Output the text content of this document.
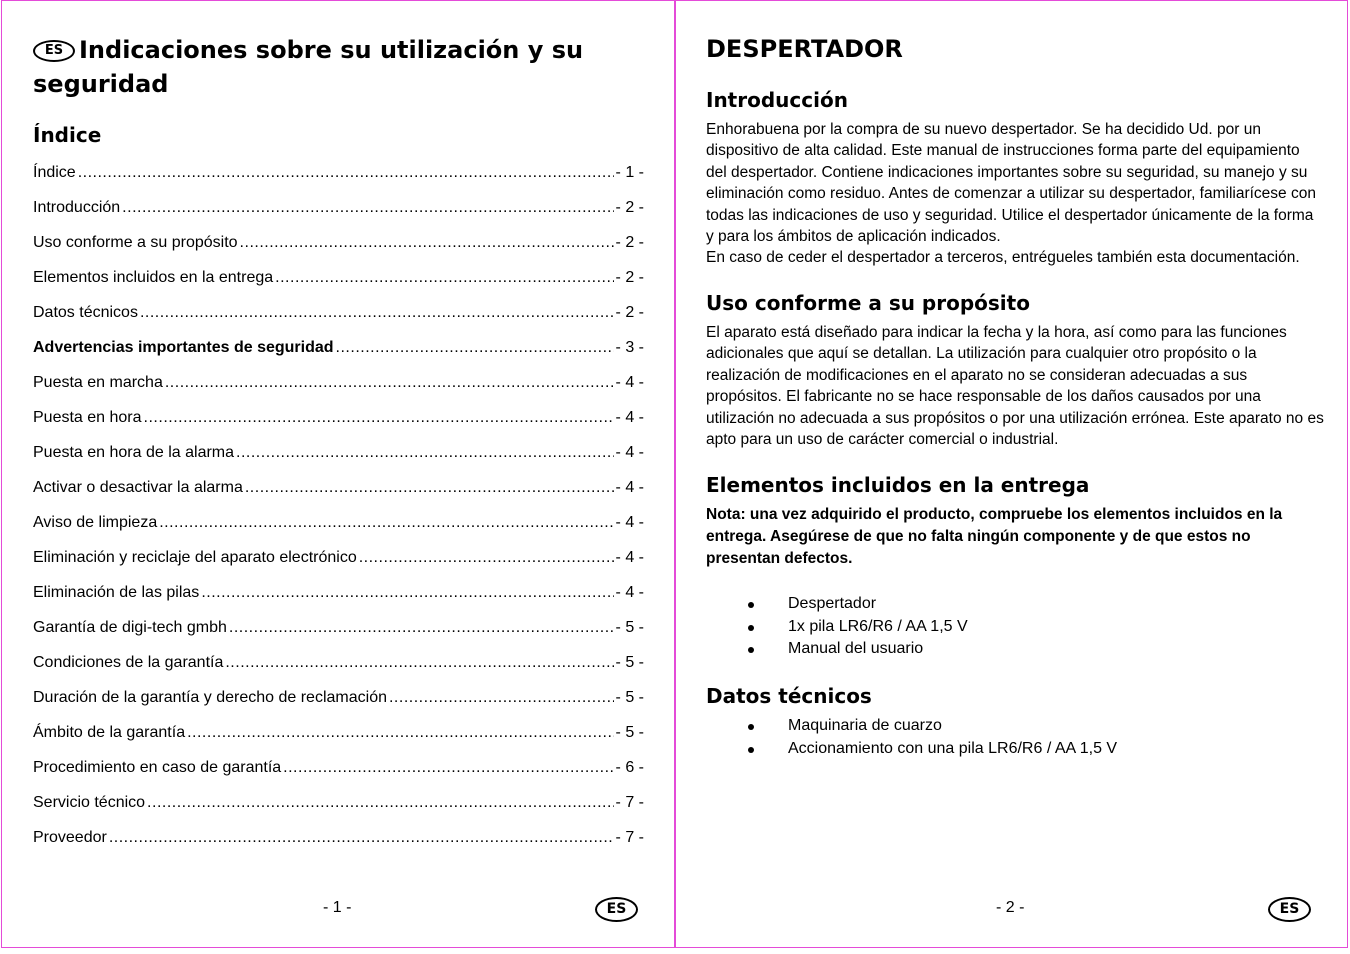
ES Indicaciones sobre su utilización y su seguridad
Índice
Índice .....	- 1 -
Introducción .....	- 2 -
Uso conforme a su propósito .....	- 2 -
Elementos incluidos en la entrega .....	- 2 -
Datos técnicos .....	- 2 -
Advertencias importantes de seguridad .....	- 3 -
Puesta en marcha .....	- 4 -
Puesta en hora .....	- 4 -
Puesta en hora de la alarma .....	- 4 -
Activar o desactivar la alarma .....	- 4 -
Aviso de limpieza .....	- 4 -
Eliminación y reciclaje del aparato electrónico .....	- 4 -
Eliminación de las pilas .....	- 4 -
Garantía de digi-tech gmbh .....	- 5 -
Condiciones de la garantía .....	- 5 -
Duración de la garantía y derecho de reclamación .....	- 5 -
Ámbito de la garantía .....	- 5 -
Procedimiento en caso de garantía .....	- 6 -
Servicio técnico .....	- 7 -
Proveedor .....	- 7 -
- 1 -	ES
DESPERTADOR
Introducción

Enhorabuena por la compra de su nuevo despertador. Se ha decidido Ud. por un dispositivo de alta calidad. Este manual de instrucciones forma parte del equipamiento del despertador. Contiene indicaciones importantes sobre su seguridad, su manejo y su eliminación como residuo. Antes de comenzar a utilizar su despertador, familiarícese con todas las indicaciones de uso y seguridad. Utilice el despertador únicamente de la forma y para los ámbitos de aplicación indicados.

En caso de ceder el despertador a terceros, entrégueles también esta documentación.

Uso conforme a su propósito

El aparato está diseñado para indicar la fecha y la hora, así como para las funciones adicionales que aquí se detallan. La utilización para cualquier otro propósito o la realización de modificaciones en el aparato no se consideran adecuadas a sus propósitos. El fabricante no se hace responsable de los daños causados por una utilización no adecuada a sus propósitos o por una utilización errónea. Este aparato no es apto para un uso de carácter comercial o industrial.

Elementos incluidos en la entrega

Nota: una vez adquirido el producto, compruebe los elementos incluidos en la entrega. Asegúrese de que no falta ningún componente y de que estos no presentan defectos.

Despertador
1x pila LR6/R6 / AA 1,5 V
Manual del usuario
Datos técnicos
Maquinaria de cuarzo
Accionamiento con una pila LR6/R6 / AA 1,5 V
- 2 -	ES
